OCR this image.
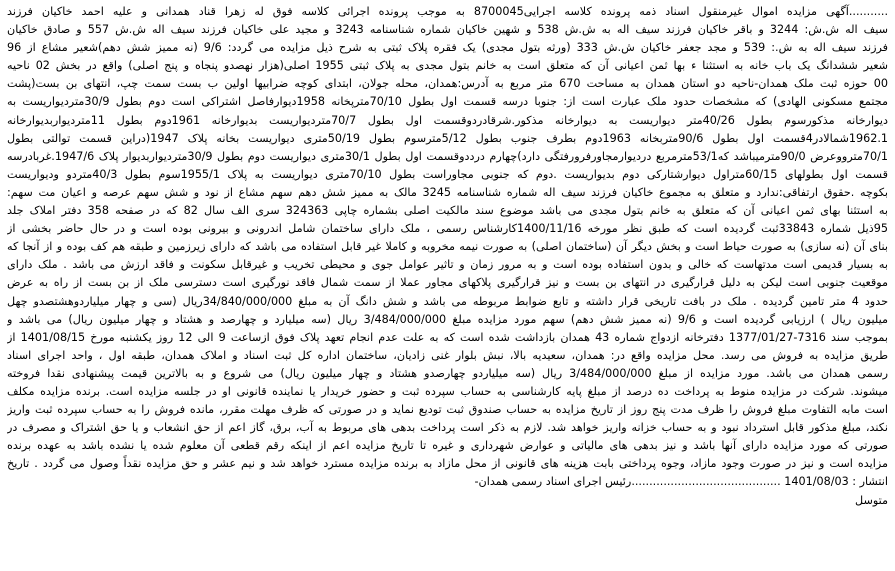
...........آگهی مزایده اموال غیرمنقول اسناد ذمه پرونده کلاسه اجرایی8700045 به موجب پرونده اجرائی کلاسه فوق له زهرا قناد همدانی و علیه احمد خاکیان فرزند
سیف اله ش.ش: 3244 و باقر خاکیان فرزند سیف اله به ش.ش 538 و شهین خاکیان شماره شناسنامه 3243 و مجید علی خاکیان فرزند سیف اله ش.ش 557 و صادق خاکیان
فرزند سیف اله به ش.: 539 و مجد جعفر خاکیان ش.ش 333 (ورثه بتول مجدی) یک فقره پلاک ثبتی به شرح ذیل مزایده می گردد: 9/6 (نه ممیز شش دهم)شعیر مشاع از 96
شعیر ششدانگ یک باب خانه به استثنا ء بها ثمن اعیانی آن که متعلق است به خانم بتول مجدی به پلاک ثبتی 1955 اصلی(هزار نهصدو پنجاه و پنج اصلی) واقع در بخش 02 ناحیه
00 حوزه ثبت ملک همدان-ناحیه دو استان همدان به مساحت 670 متر مربع به آدرس:همدان، محله جولان، ابتدای کوچه ضرابیها اولین ب بست سمت چپ، انتهای بن بست(پشت
مجتمع مسکونی الهادی) که مشخصات حدود ملک عبارت است از: جنوبا درسه قسمت اول بطول 70/10مترپخانه 1958دیوارفاصل اشتراکی است دوم بطول 30/9متردیواریست به
دیوارخانه مذکورسوم بطول 40/26متر دیواریست به دیوارخانه مذکور.شرقادردوقسمت اول بطول 70/7متردیواریست بدیوارخانه 1961دوم بطول 11متردیواربدیوارخانه
1962.1شمالادر4قسمت اول بطول 90/6متربخانه 1963دوم بطرف جنوب بطول 5/12مترسوم بطول 50/19متری دیواریست بخانه پلاک 1947(دراین قسمت توالتی بطول
70/1مترووعرض 90/0مترمیباشد که53/1مترمربع دردیوارمجاورفرورفتگی دارد)چهارم درددوقسمت اول بطول 30/1متری دیواریست دوم بطول 30/9متردیواربدیوار پلاک 1947/6.غربادرسه
قسمت اول بطولهای 60/15متراول دیوارشتارکی دوم بدیواریست .دوم که جنوبی مجاوراست بطول 70/10متری دیواریست به پلاک 1955/1سوم بطول 40/3متردو ودیواریست
بکوچه .حقوق ارتفاقی:ندارد و متعلق به مجموع خاکیان فرزند سیف اله شماره شناسنامه 3245 مالک به ممیز شش دهم سهم مشاع از نود و شش سهم عرصه و اعیان مت سهم:
به استثنا بهای ثمن اعیانی آن که متعلق به خانم بتول مجدی می باشد موضوع سند مالکیت اصلی بشماره چاپی 324363 سری الف سال 82 که در صفحه 358 دفتر املاک جلد
95ذیل شماره 33843ثبت گردیده است که طبق نظر مورخه 1400/11/16کارشناس رسمی ، ملک دارای ساختمان شامل اندرونی و بیرونی بوده است و در حال حاضر بخشی از
بنای آن (نه سازی) به صورت حیاط است و بخش دیگر آن (ساختمان اصلی) به صورت نیمه مخروبه و کاملا غیر قابل استفاده می باشد که دارای زیرزمین و طبقه هم کف بوده و از آنجا که
به بسیار قدیمی است مدتهاست که خالی و بدون استفاده بوده است و به مرور زمان و تاثیر عوامل جوی و محیطی تخریب و غیرقابل سکونت و فاقد ارزش می باشد . ملک دارای
موقعیت جنوبی است لیکن به دلیل قرارگیری در انتهای بن بست و نیز قرارگیری پلاکهای مجاور عملا از سمت شمال فاقد نورگیری است دسترسی ملک از بن بست از راه به عرض
حدود 4 متر تامین گردیده . ملک در بافت تاریخی قرار داشته و تابع ضوابط مربوطه می باشد و شش دانگ آن به مبلغ 34/840/000/000ریال (سی و چهار میلیاردوهشتصدو چهل
میلیون ریال ) ارزیابی گردیده است و 9/6 (نه ممیز شش دهم) سهم مورد مزایده مبلغ 3/484/000/000 ریال (سه میلیارد و چهارصد و هشتاد و چهار میلیون ریال) می باشد و
بموجب سند 7316-1377/01/27 دفترخانه ازدواج شماره 43 همدان بازداشت شده است که به علت عدم انجام تعهد پلاک فوق ازساعت 9 الی 12 روز یکشنبه مورخ 1401/08/15 از
طریق مزایده به فروش می رسد. محل مزایده واقع در: همدان، سعیدیه بالا، نبش بلوار غنی زادیان، ساختمان اداره کل ثبت اسناد و املاک همدان، طبقه اول ، واحد اجرای اسناد
رسمی همدان می باشد. مورد مزایده از مبلغ 3/484/000/000 ریال (سه میلیاردو چهارصدو هشتاد و چهار میلیون ریال) می شروع و به بالاترین قیمت پیشنهادی نقدا فروخته
میشوند. شرکت در مزایده منوط به پرداخت ده درصد از مبلغ پایه کارشناسی به حساب سپرده ثبت و حضور خریدار یا نماینده قانونی او در جلسه مزایده است. برنده مزایده مکلف
است مابه التفاوت مبلغ فروش را ظرف مدت پنج روز از تاریخ مزایده به حساب صندوق ثبت تودیع نماید و در صورتی که ظرف مهلت مقرر، مانده فروش را به حساب سپرده ثبت واریز
نکند، مبلغ مذکور قابل استرداد نبود و به حساب خزانه واریز خواهد شد. لازم به ذکر است پرداخت بدهی های مربوط به آب، برق، گاز اعم از حق انشعاب و یا حق اشتراک و مصرف در
صورتی که مورد مزایده دارای آنها باشد و نیز بدهی های مالیاتی و عوارض شهرداری و غیره تا تاریخ مزایده اعم از اینکه رقم قطعی آن معلوم شده یا نشده باشد به عهده برنده
مزایده است و نیز در صورت وجود مازاد، وجوه پرداختی بابت هزینه های قانونی از محل مازاد به برنده مزایده مسترد خواهد شد و نیم عشر و حق مزایده نقداً وصول می گردد . تاریخ
انتشار : 1401/08/03 ..........................................رئیس اجرای اسناد رسمی همدان-
متوسل
